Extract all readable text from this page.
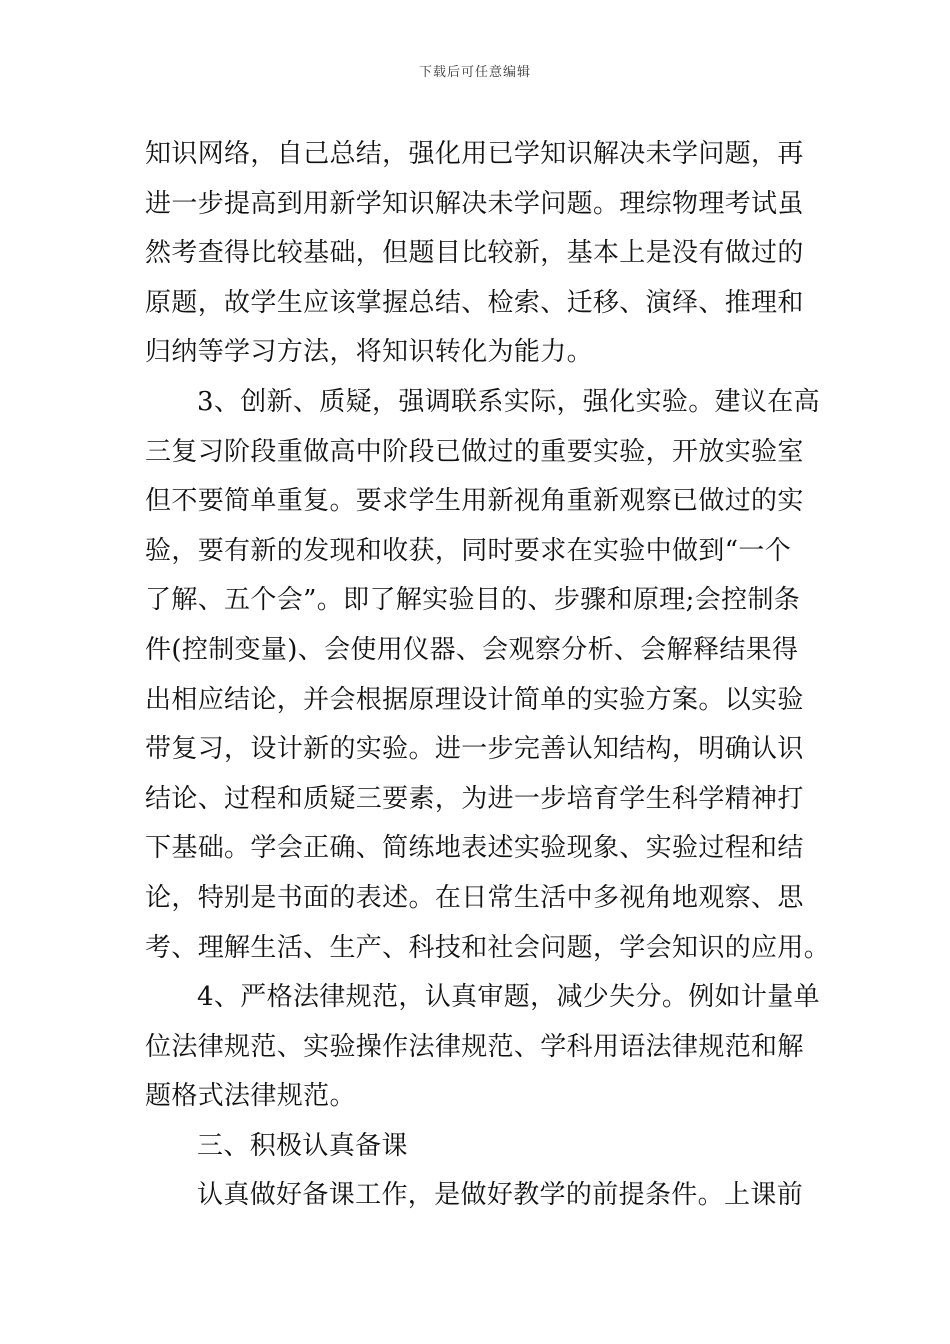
下载后可任意编辑
知识网络，自己总结，强化用已学知识解决未学问题，再
进一步提高到用新学知识解决未学问题。理综物理考试虽
然考查得比较基础，但题目比较新，基本上是没有做过的
原题，故学生应该掌握总结、检索、迁移、演绎、推理和
归纳等学习方法，将知识转化为能力。
3、创新、质疑，强调联系实际，强化实验。建议在高
三复习阶段重做高中阶段已做过的重要实验，开放实验室
但不要简单重复。要求学生用新视角重新观察已做过的实
验，要有新的发现和收获，同时要求在实验中做到“一个
了解、五个会”。即了解实验目的、步骤和原理;会控制条
件(控制变量)、会使用仪器、会观察分析、会解释结果得
出相应结论，并会根据原理设计简单的实验方案。以实验
带复习，设计新的实验。进一步完善认知结构，明确认识
结论、过程和质疑三要素，为进一步培育学生科学精神打
下基础。学会正确、简练地表述实验现象、实验过程和结
论，特别是书面的表述。在日常生活中多视角地观察、思
考、理解生活、生产、科技和社会问题，学会知识的应用。
4、严格法律规范，认真审题，减少失分。例如计量单
位法律规范、实验操作法律规范、学科用语法律规范和解
题格式法律规范。
三、积极认真备课
认真做好备课工作，是做好教学的前提条件。上课前
